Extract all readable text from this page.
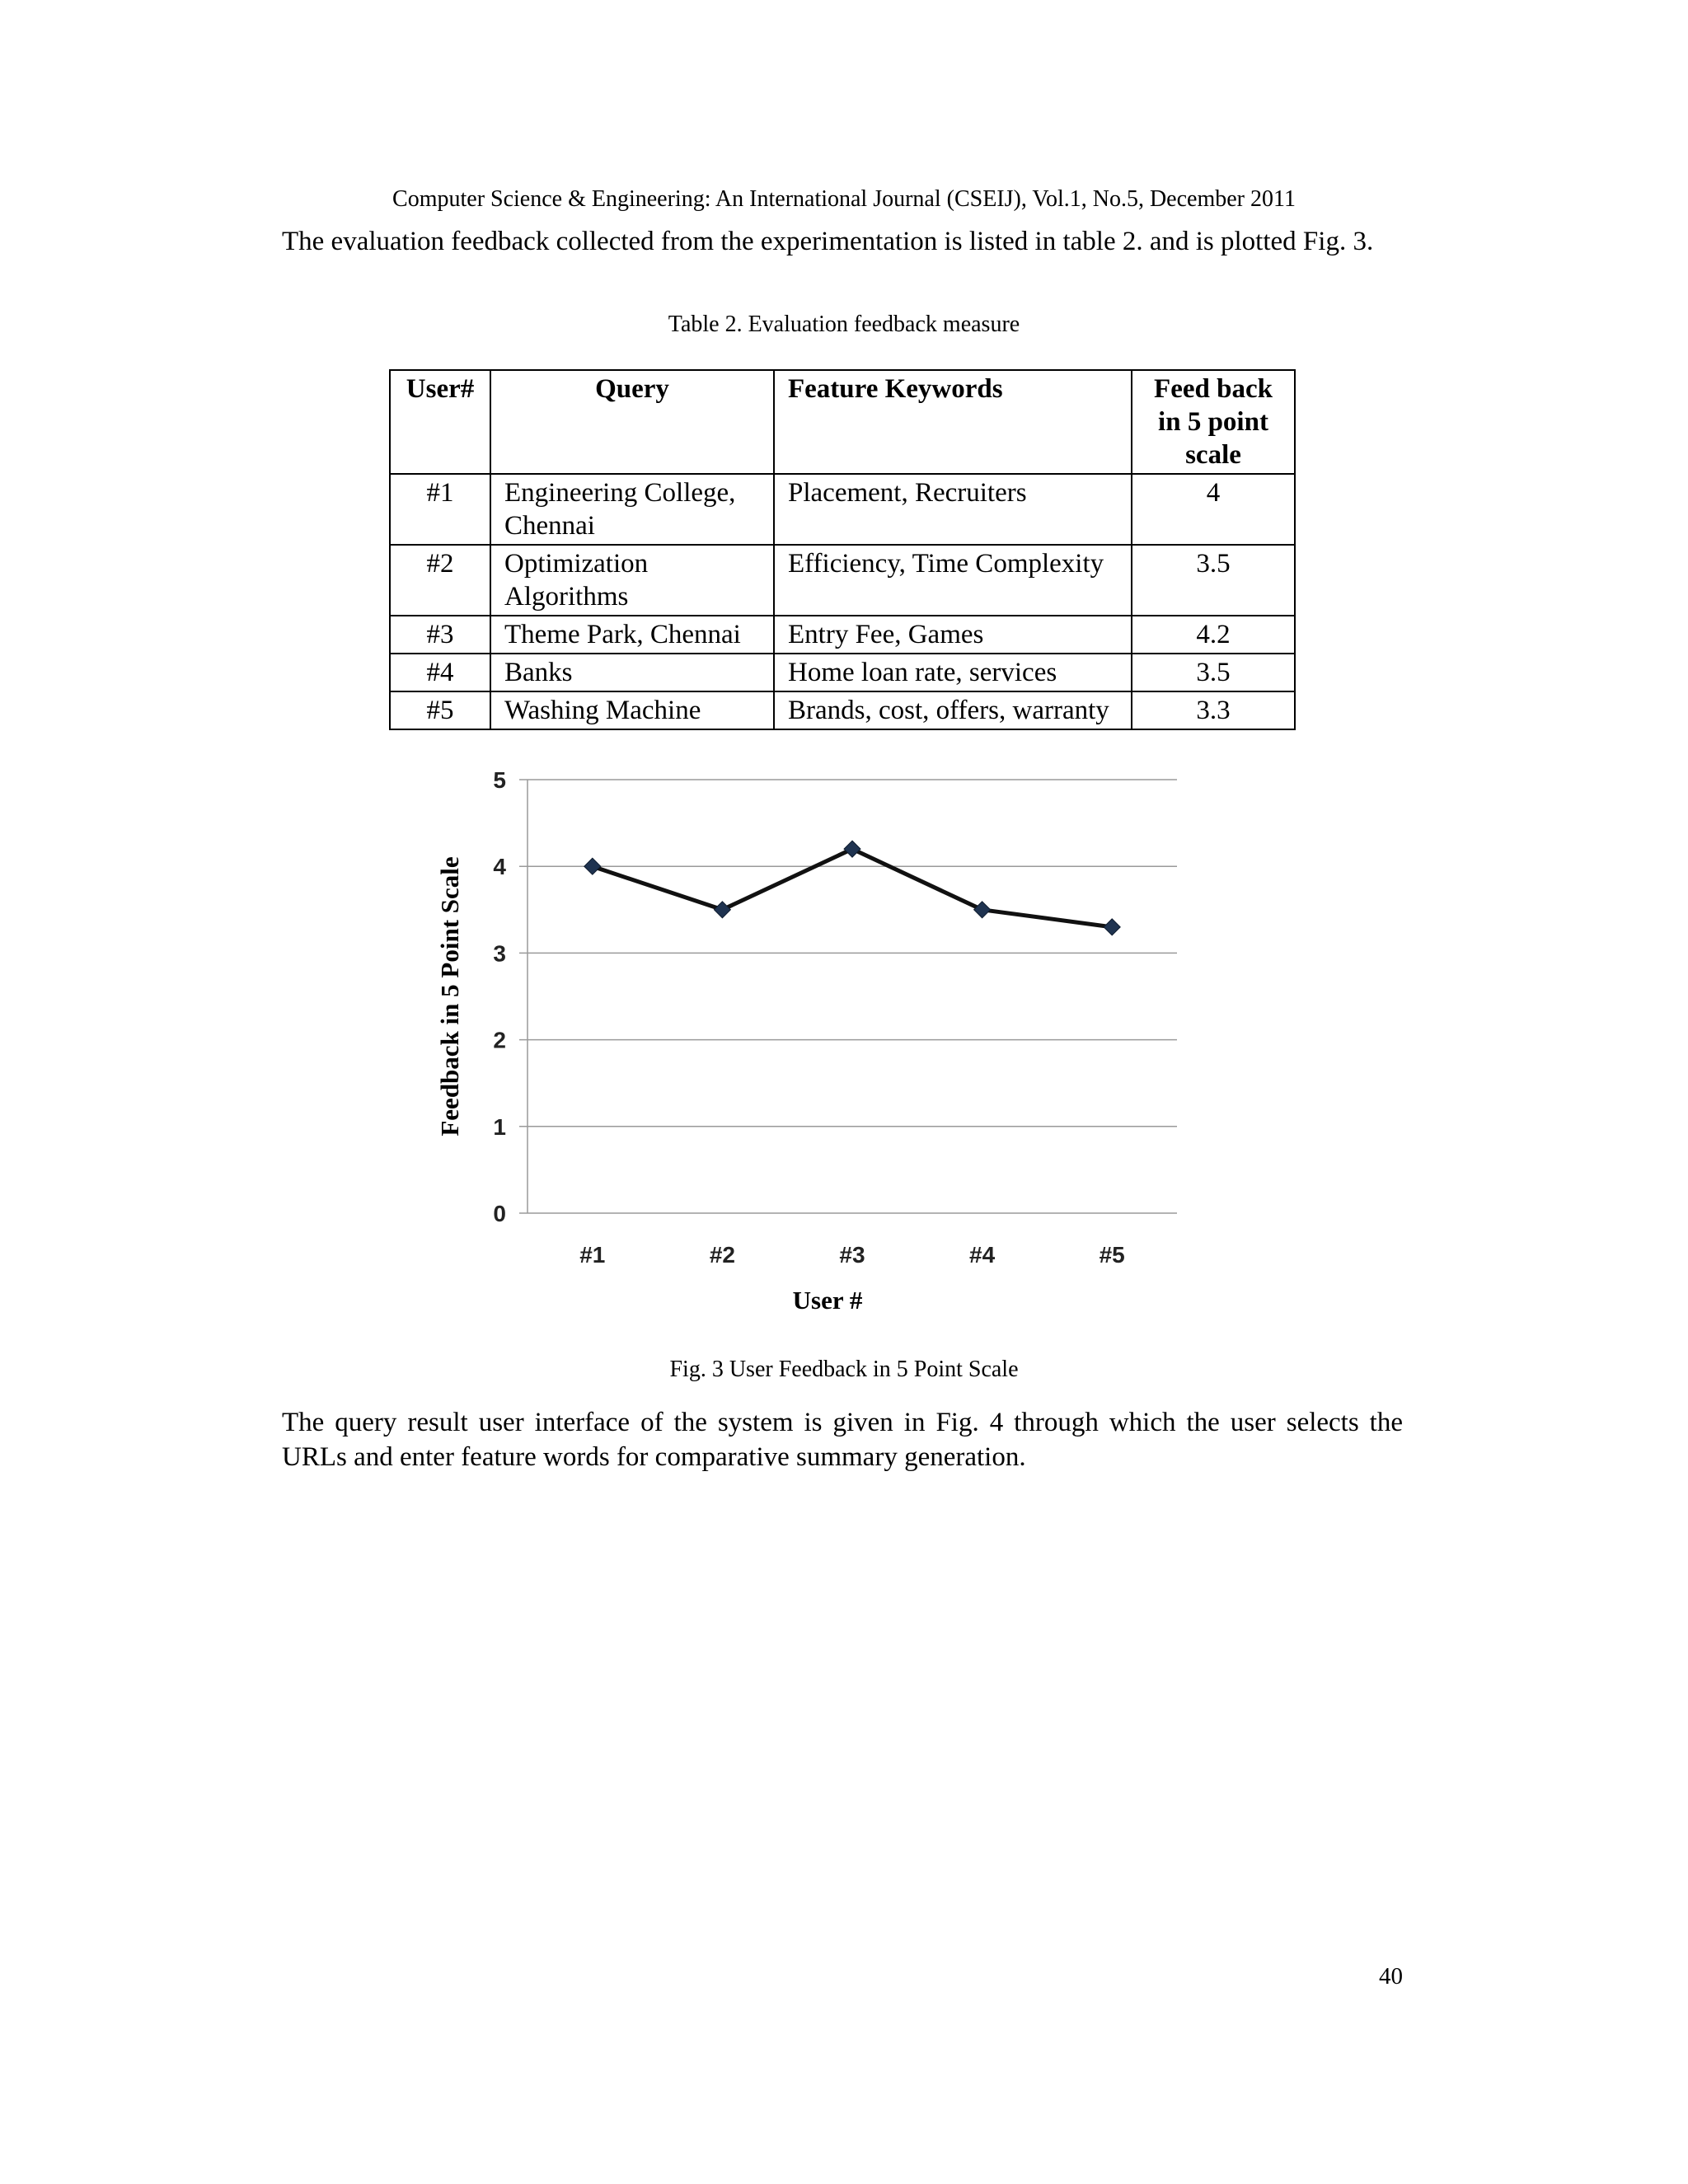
Computer Science & Engineering: An International Journal (CSEIJ), Vol.1, No.5, December 2011

The evaluation feedback collected from the experimentation is listed in table 2. and is plotted Fig. 3.

Table 2. Evaluation feedback measure
User#	Query	Feature Keywords	Feed back in 5 point scale
#1	Engineering College, Chennai	Placement, Recruiters	4
#2	Optimization Algorithms	Efficiency, Time Complexity	3.5
#3	Theme Park, Chennai	Entry Fee, Games	4.2
#4	Banks	Home loan rate, services	3.5
#5	Washing Machine	Brands, cost, offers, warranty	3.3
0
1
2
3
4
5
#1	#2	#3	#4	#5
Feedback in 5 Point Scale
User #
Fig. 3 User Feedback in 5 Point Scale

The query result user interface of the system is given in Fig. 4 through which the user selects the URLs and enter feature words for comparative summary generation.

40
